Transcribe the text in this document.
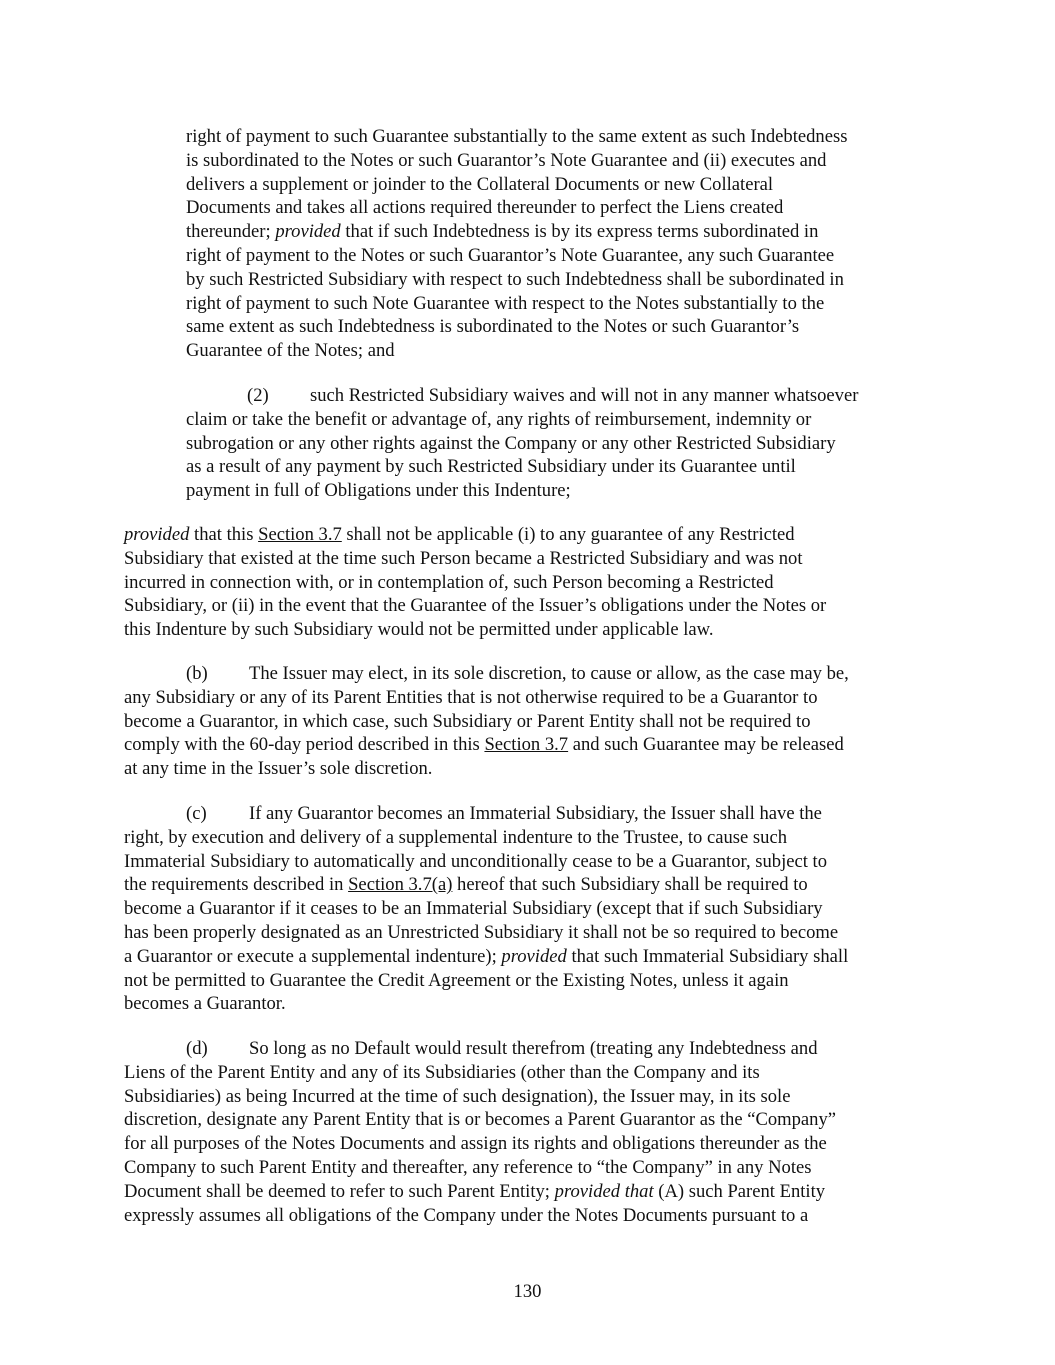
right of payment to such Guarantee substantially to the same extent as such Indebtedness
is subordinated to the Notes or such Guarantor’s Note Guarantee and (ii) executes and
delivers a supplement or joinder to the Collateral Documents or new Collateral
Documents and takes all actions required thereunder to perfect the Liens created
thereunder; provided that if such Indebtedness is by its express terms subordinated in
right of payment to the Notes or such Guarantor’s Note Guarantee, any such Guarantee
by such Restricted Subsidiary with respect to such Indebtedness shall be subordinated in
right of payment to such Note Guarantee with respect to the Notes substantially to the
same extent as such Indebtedness is subordinated to the Notes or such Guarantor’s
Guarantee of the Notes; and
(2) such Restricted Subsidiary waives and will not in any manner whatsoever
claim or take the benefit or advantage of, any rights of reimbursement, indemnity or
subrogation or any other rights against the Company or any other Restricted Subsidiary
as a result of any payment by such Restricted Subsidiary under its Guarantee until
payment in full of Obligations under this Indenture;
provided that this Section 3.7 shall not be applicable (i) to any guarantee of any Restricted
Subsidiary that existed at the time such Person became a Restricted Subsidiary and was not
incurred in connection with, or in contemplation of, such Person becoming a Restricted
Subsidiary, or (ii) in the event that the Guarantee of the Issuer’s obligations under the Notes or
this Indenture by such Subsidiary would not be permitted under applicable law.
(b) The Issuer may elect, in its sole discretion, to cause or allow, as the case may be,
any Subsidiary or any of its Parent Entities that is not otherwise required to be a Guarantor to
become a Guarantor, in which case, such Subsidiary or Parent Entity shall not be required to
comply with the 60-day period described in this Section 3.7 and such Guarantee may be released
at any time in the Issuer’s sole discretion.
(c) If any Guarantor becomes an Immaterial Subsidiary, the Issuer shall have the
right, by execution and delivery of a supplemental indenture to the Trustee, to cause such
Immaterial Subsidiary to automatically and unconditionally cease to be a Guarantor, subject to
the requirements described in Section 3.7(a) hereof that such Subsidiary shall be required to
become a Guarantor if it ceases to be an Immaterial Subsidiary (except that if such Subsidiary
has been properly designated as an Unrestricted Subsidiary it shall not be so required to become
a Guarantor or execute a supplemental indenture); provided that such Immaterial Subsidiary shall
not be permitted to Guarantee the Credit Agreement or the Existing Notes, unless it again
becomes a Guarantor.
(d) So long as no Default would result therefrom (treating any Indebtedness and
Liens of the Parent Entity and any of its Subsidiaries (other than the Company and its
Subsidiaries) as being Incurred at the time of such designation), the Issuer may, in its sole
discretion, designate any Parent Entity that is or becomes a Parent Guarantor as the “Company”
for all purposes of the Notes Documents and assign its rights and obligations thereunder as the
Company to such Parent Entity and thereafter, any reference to “the Company” in any Notes
Document shall be deemed to refer to such Parent Entity; provided that (A) such Parent Entity
expressly assumes all obligations of the Company under the Notes Documents pursuant to a
130
